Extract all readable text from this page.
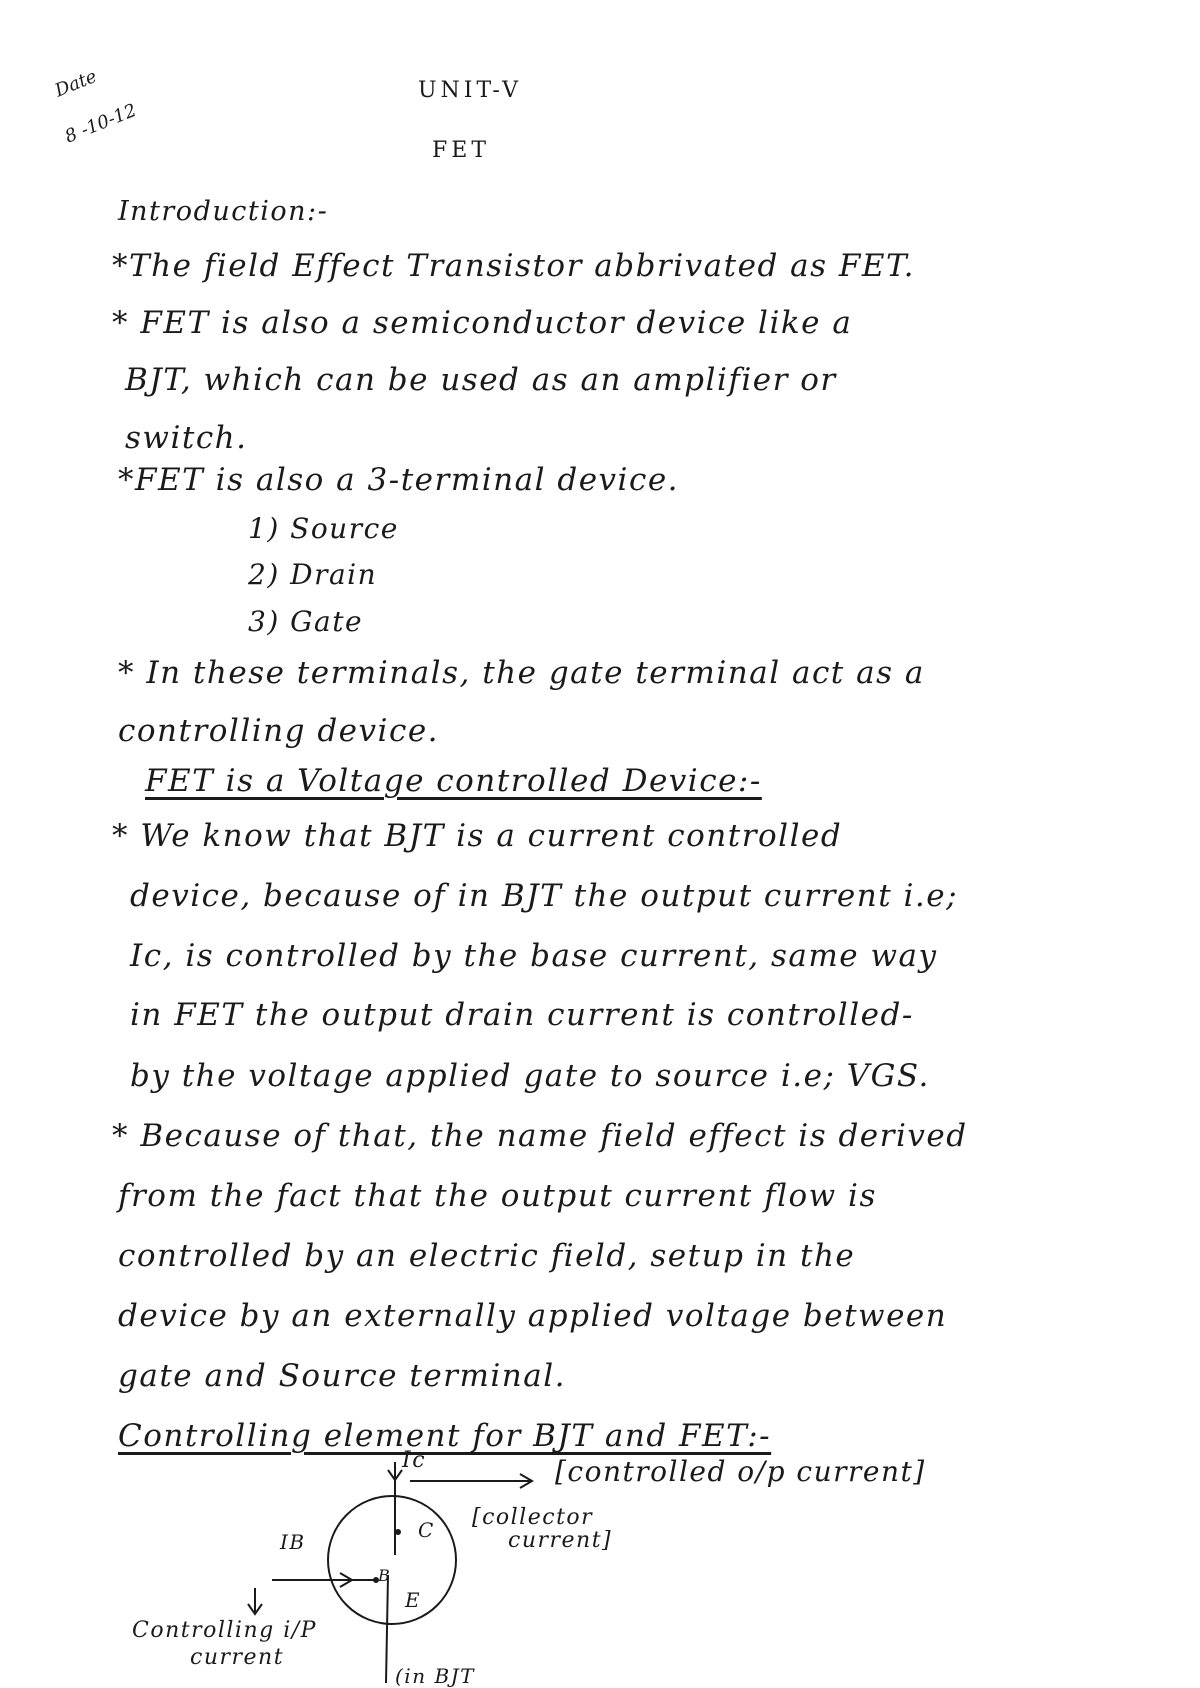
Date
8 -10-12
UNIT-V
FET
Introduction:-
*The field Effect Transistor abbrivated as FET.
* FET is also a semiconductor device like a
BJT, which can be used as an amplifier or
switch.
*FET is also a 3-terminal device.
1) Source
2) Drain
3) Gate
* In these terminals, the gate terminal act as a
controlling device.
FET is a Voltage controlled Device:-
* We know that BJT is a current controlled
device, because of in BJT the output current i.e;
Ic, is controlled by the base current, same way
in FET the output drain current is controlled-
by the voltage applied gate to source i.e; VGS.
* Because of that, the name field effect is derived
from the fact that the output current flow is
controlled by an electric field, setup in the
device by an externally applied voltage between
gate and Source terminal.
Controlling element for BJT and FET:-
Ic	[controlled o/p current]
[collector
current]
IB	C
B
E
Controlling i/P
current
(in BJT
